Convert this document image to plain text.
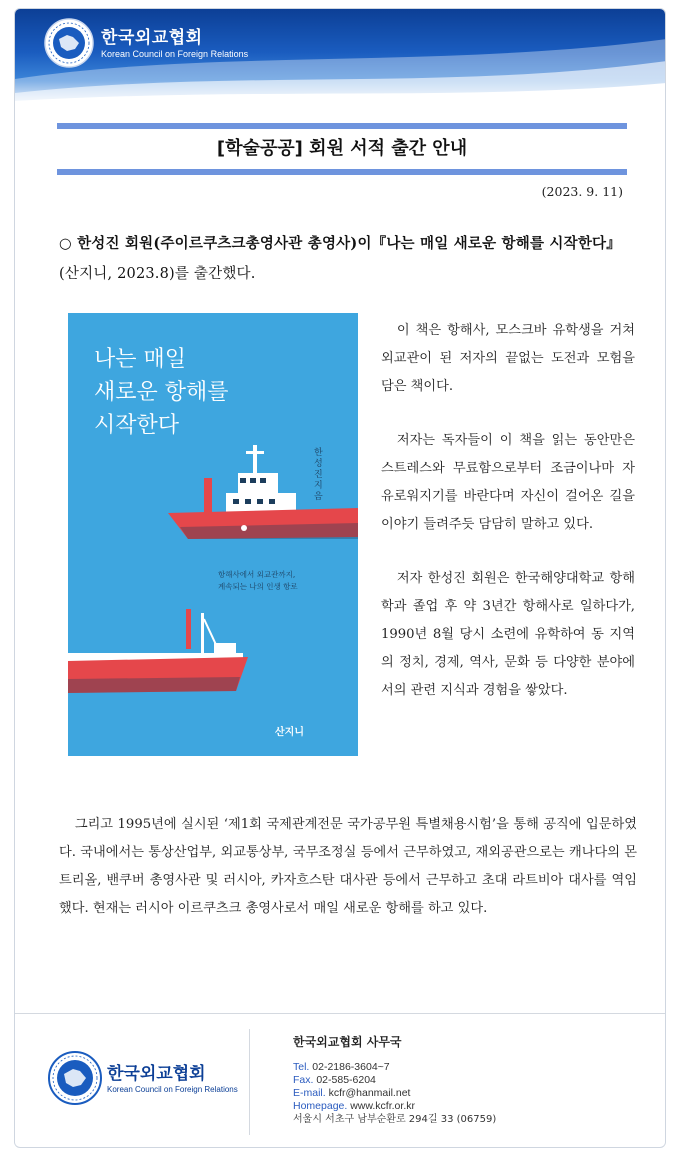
한국외교협회
Korean Council on Foreign Relations
[학술공공] 회원 서적 출간 안내
(2023. 9. 11)
○ 한성진 회원(주이르쿠츠크총영사관 총영사)이『나는 매일 새로운 항해를 시작한다』(산지니, 2023.8)를 출간했다.
나는 매일
새로운 항해를
시작한다
한성진 지음
항해사에서 외교관까지,
계속되는 나의 인생 항로
산지니

이 책은 항해사, 모스크바 유학생을 거쳐 외교관이 된 저자의 끝없는 도전과 모험을 담은 책이다.

저자는 독자들이 이 책을 읽는 동안만은 스트레스와 무료함으로부터 조금이나마 자유로워지기를 바란다며 자신이 걸어온 길을 이야기 들려주듯 담담히 말하고 있다.

저자 한성진 회원은 한국해양대학교 항해학과 졸업 후 약 3년간 항해사로 일하다가, 1990년 8월 당시 소련에 유학하여 동 지역의 정치, 경제, 역사, 문화 등 다양한 분야에서의 관련 지식과 경험을 쌓았다.

그리고 1995년에 실시된 ‘제1회 국제관계전문 국가공무원 특별채용시험’을 통해 공직에 입문하였다. 국내에서는 통상산업부, 외교통상부, 국무조정실 등에서 근무하였고, 재외공관으로는 캐나다의 몬트리올, 밴쿠버 총영사관 및 러시아, 카자흐스탄 대사관 등에서 근무하고 초대 라트비아 대사를 역임했다. 현재는 러시아 이르쿠츠크 총영사로서 매일 새로운 항해를 하고 있다.
한국외교협회
Korean Council on Foreign Relations
한국외교협회 사무국
Tel. 02-2186-3604~7
Fax. 02-585-6204
E-mail. kcfr@hanmail.net
Homepage. www.kcfr.or.kr
서울시 서초구 남부순환로 294길 33 (06759)
